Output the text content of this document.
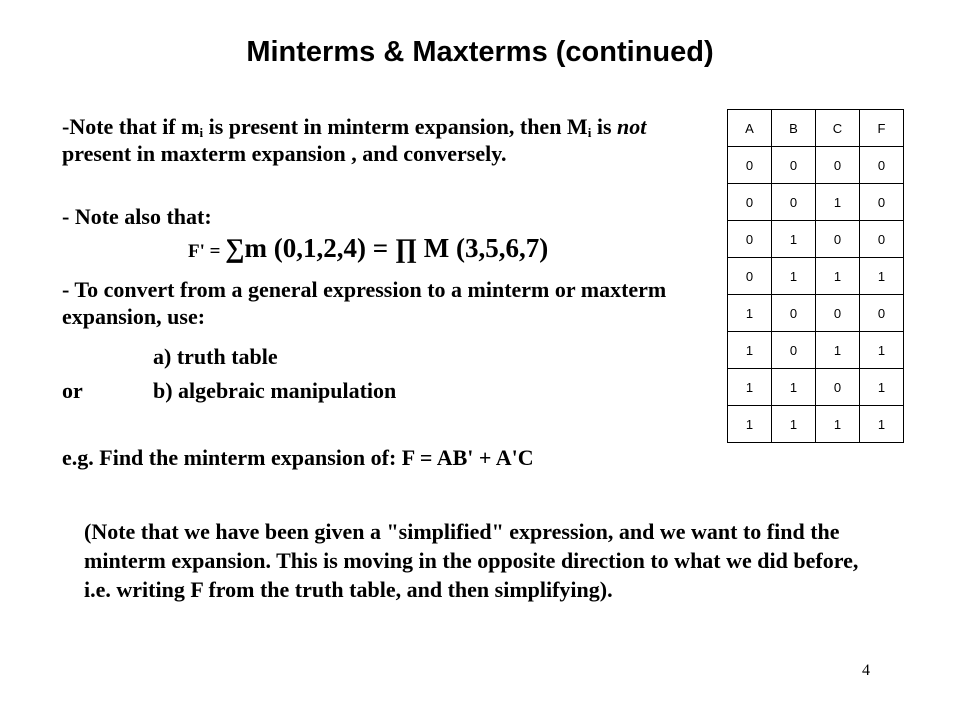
Minterms & Maxterms (continued)
-Note that if $m_i$ is present in minterm expansion, then $M_i$ is not present in maxterm expansion , and conversely.
- Note also that:
F' = ∑m (0,1,2,4) = ∏ M (3,5,6,7)
- To convert from a general expression to a minterm or maxterm expansion, use:
a) truth table
or	b) algebraic manipulation
e.g. Find the minterm expansion of: F = AB' + A'C
(Note that we have been given a "simplified" expression, and we want to find the minterm expansion. This is moving in the opposite direction to what we did before, i.e. writing F from the truth table, and then simplifying).
A	B	C	F
0	0	0	0
0	0	1	0
0	1	0	0
0	1	1	1
1	0	0	0
1	0	1	1
1	1	0	1
1	1	1	1
4
